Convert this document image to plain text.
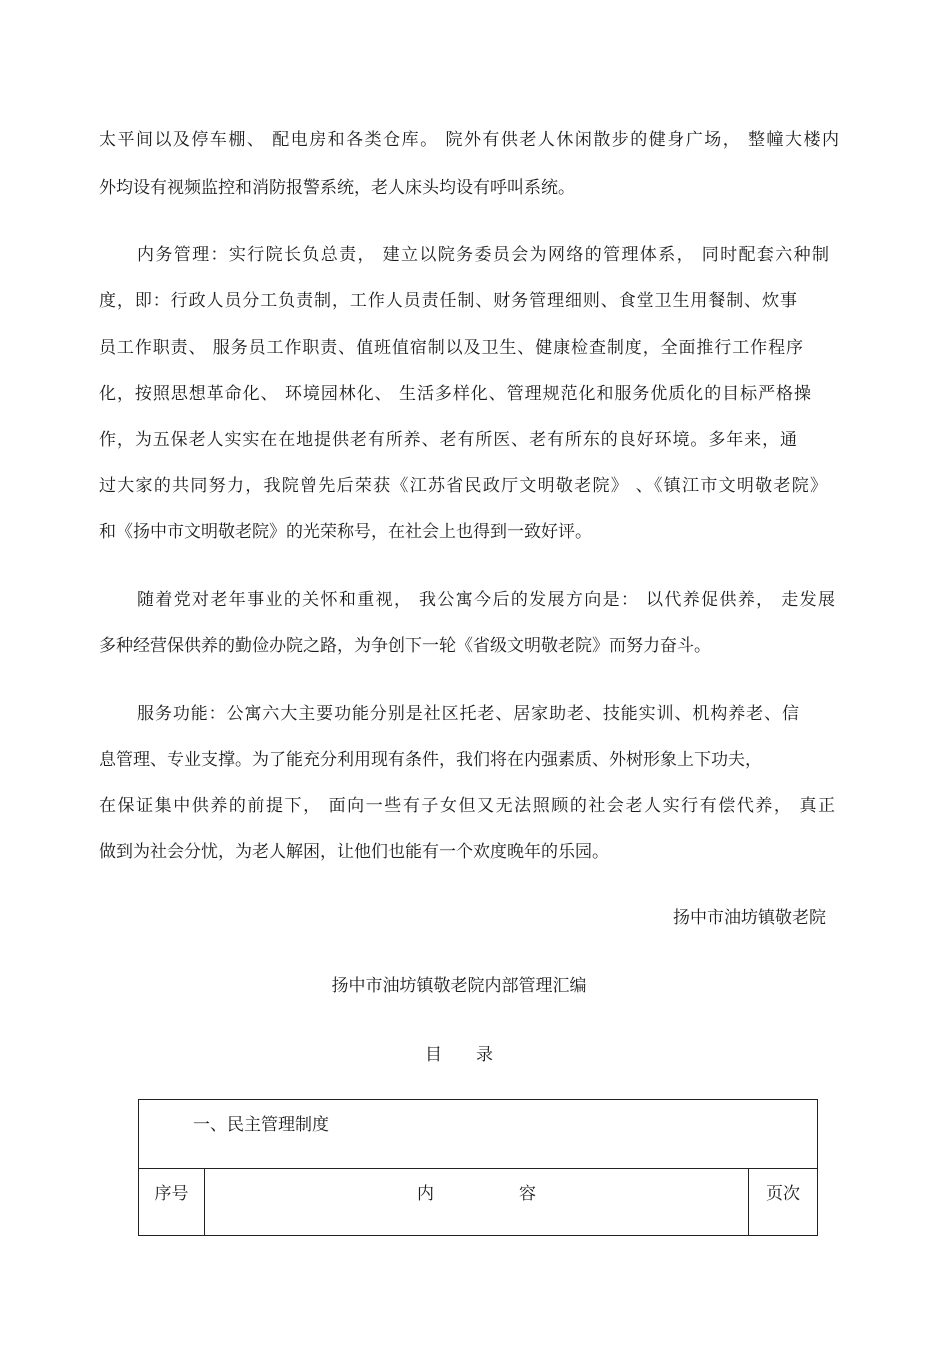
太平间以及停车棚、 配电房和各类仓库。 院外有供老人休闲散步的健身广场， 整幢大楼内

外均设有视频监控和消防报警系统，老人床头均设有呼叫系统。

内务管理：实行院长负总责， 建立以院务委员会为网络的管理体系， 同时配套六种制

度，即：行政人员分工负责制，工作人员责任制、财务管理细则、食堂卫生用餐制、炊事

员工作职责、 服务员工作职责、值班值宿制以及卫生、健康检查制度，全面推行工作程序

化，按照思想革命化、 环境园林化、 生活多样化、管理规范化和服务优质化的目标严格操

作，为五保老人实实在在地提供老有所养、老有所医、老有所东的良好环境。多年来，通

过大家的共同努力，我院曾先后荣获《江苏省民政厅文明敬老院》 、《镇江市文明敬老院》

和《扬中市文明敬老院》的光荣称号，在社会上也得到一致好评。

随着党对老年事业的关怀和重视， 我公寓今后的发展方向是： 以代养促供养， 走发展

多种经营保供养的勤俭办院之路，为争创下一轮《省级文明敬老院》而努力奋斗。

服务功能：公寓六大主要功能分别是社区托老、居家助老、技能实训、机构养老、信

息管理、专业支撑。为了能充分利用现有条件，我们将在内强素质、外树形象上下功夫，

在保证集中供养的前提下， 面向一些有子女但又无法照顾的社会老人实行有偿代养， 真正

做到为社会分忧，为老人解困，让他们也能有一个欢度晚年的乐园。

扬中市油坊镇敬老院
扬中市油坊镇敬老院内部管理汇编
目　　录
一、民主管理制度
序号	内　　　　　容	页次
